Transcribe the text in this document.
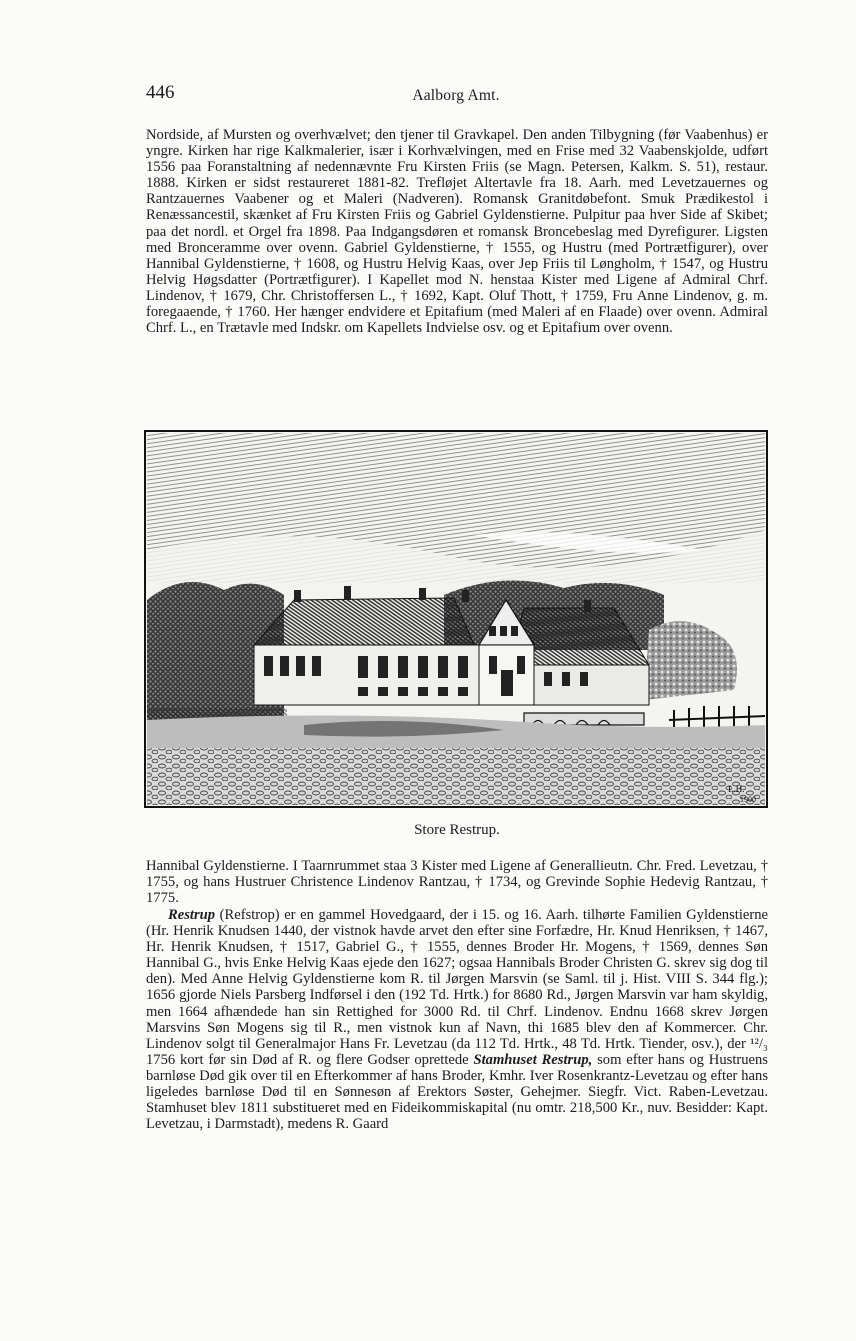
446	Aalborg Amt.

Nordside, af Mursten og overhvælvet; den tjener til Gravkapel. Den anden Tilbygning (før Vaabenhus) er yngre. Kirken har rige Kalkmalerier, især i Korhvælvingen, med en Frise med 32 Vaabenskjolde, udført 1556 paa Foranstaltning af nedennævnte Fru Kirsten Friis (se Magn. Petersen, Kalkm. S. 51), restaur. 1888. Kirken er sidst restaureret 1881-82. Trefløjet Altertavle fra 18. Aarh. med Levetzauernes og Rantzauernes Vaabener og et Maleri (Nadveren). Romansk Granitdøbefont. Smuk Prædikestol i Renæssancestil, skænket af Fru Kirsten Friis og Gabriel Gyldenstierne. Pulpitur paa hver Side af Skibet; paa det nordl. et Orgel fra 1898. Paa Indgangsdøren et romansk Broncebeslag med Dyrefigurer. Ligsten med Broncеramme over ovenn. Gabriel Gyldenstierne, † 1555, og Hustru (med Portrætfigurer), over Hannibal Gyldenstierne, † 1608, og Hustru Helvig Kaas, over Jep Friis til Løngholm, † 1547, og Hustru Helvig Høgsdatter (Portrætfigurer). I Kapellet mod N. henstaa Kister med Ligene af Admiral Chrf. Lindenov, † 1679, Chr. Christoffersen L., † 1692, Kapt. Oluf Thott, † 1759, Fru Anne Lindenov, g. m. foregaaende, † 1760. Her hænger endvidere et Epitafium (med Maleri af en Flaade) over ovenn. Admiral Chrf. L., en Trætavle med Indskr. om Kapellets Indvielse osv. og et Epitafium over ovenn.

L.H.
1900
Store Restrup.

Hannibal Gyldenstierne. I Taarnrummet staa 3 Kister med Ligene af Generallieutn. Chr. Fred. Levetzau, † 1755, og hans Hustruer Christence Lindenov Rantzau, † 1734, og Grevinde Sophie Hedevig Rantzau, † 1775.

Restrup (Refstrop) er en gammel Hovedgaard, der i 15. og 16. Aarh. tilhørte Familien Gyldenstierne (Hr. Henrik Knudsen 1440, der vistnok havde arvet den efter sine Forfædre, Hr. Knud Henriksen, † 1467, Hr. Henrik Knudsen, † 1517, Gabriel G., † 1555, dennes Broder Hr. Mogens, † 1569, dennes Søn Hannibal G., hvis Enke Helvig Kaas ejede den 1627; ogsaa Hannibals Broder Christen G. skrev sig dog til den). Med Anne Helvig Gyldenstierne kom R. til Jørgen Marsvin (se Saml. til j. Hist. VIII S. 344 flg.); 1656 gjorde Niels Parsberg Indførsel i den (192 Td. Hrtk.) for 8680 Rd., Jørgen Marsvin var ham skyldig, men 1664 afhændede han sin Rettighed for 3000 Rd. til Chrf. Lindenov. Endnu 1668 skrev Jørgen Marsvins Søn Mogens sig til R., men vistnok kun af Navn, thi 1685 blev den af Kommercer. Chr. Lindenov solgt til Generalmajor Hans Fr. Levetzau (da 112 Td. Hrtk., 48 Td. Hrtk. Tiender, osv.), der ¹²/₃ 1756 kort før sin Død af R. og flere Godser oprettede Stamhuset Restrup, som efter hans og Hustruens barnløse Død gik over til en Efterkommer af hans Broder, Kmhr. Iver Rosenkrantz-Levetzau og efter hans ligeledes barnløse Død til en Sønnesøn af Erektors Søster, Gehejmer. Siegfr. Vict. Raben-Levetzau. Stamhuset blev 1811 substitueret med en Fideikommiskapital (nu omtr. 218,500 Kr., nuv. Besidder: Kapt. Levetzau, i Darmstadt), medens R. Gaard
